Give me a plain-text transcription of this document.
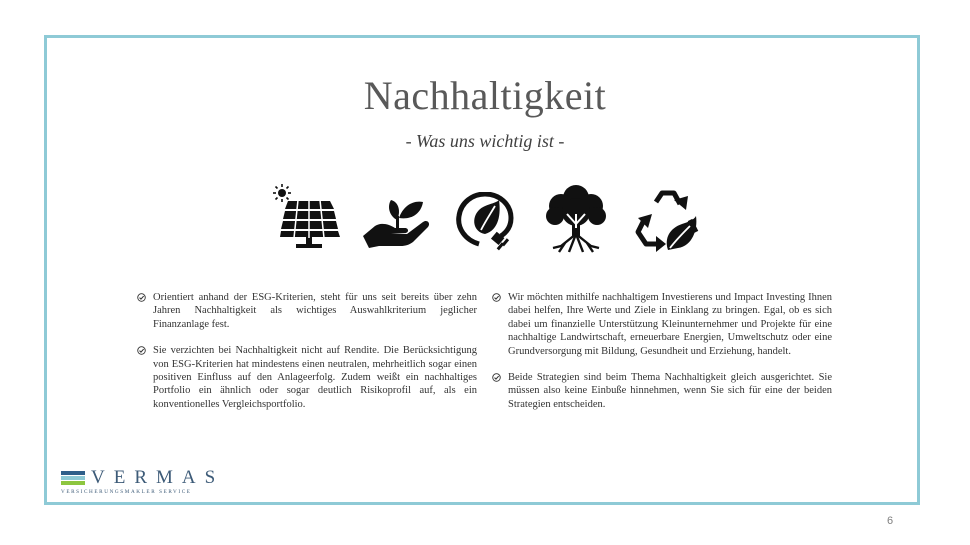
Nachhaltigkeit
- Was uns wichtig ist -
Orientiert anhand der ESG-Kriterien, steht für uns seit bereits über zehn Jahren Nachhaltigkeit als wichtiges Auswahlkriterium jeglicher Finanzanlage fest.
Sie verzichten bei Nachhaltigkeit nicht auf Rendite. Die Berücksichtigung von ESG-Kriterien hat mindestens einen neutralen, mehrheitlich sogar einen positiven Einfluss auf den Anlageerfolg. Zudem weißt ein nachhaltiges Portfolio ein ähnlich oder sogar deutlich Risikoprofil auf, als ein konventionelles Vergleichsportfolio.
Wir möchten mithilfe nachhaltigem Investierens und Impact Investing Ihnen dabei helfen, Ihre Werte und Ziele in Einklang zu bringen. Egal, ob es sich dabei um finanzielle Unterstützung Kleinunternehmer und Projekte für eine nachhaltige Landwirtschaft, erneuerbare Energien, Umweltschutz oder eine Grundversorgung mit Bildung, Gesundheit und Erziehung, handelt.
Beide Strategien sind beim Thema Nachhaltigkeit gleich ausgerichtet. Sie müssen also keine Einbuße hinnehmen, wenn Sie sich für eine der beiden Strategien entscheiden.
VERMAS
VERSICHERUNGSMAKLER SERVICE
6
